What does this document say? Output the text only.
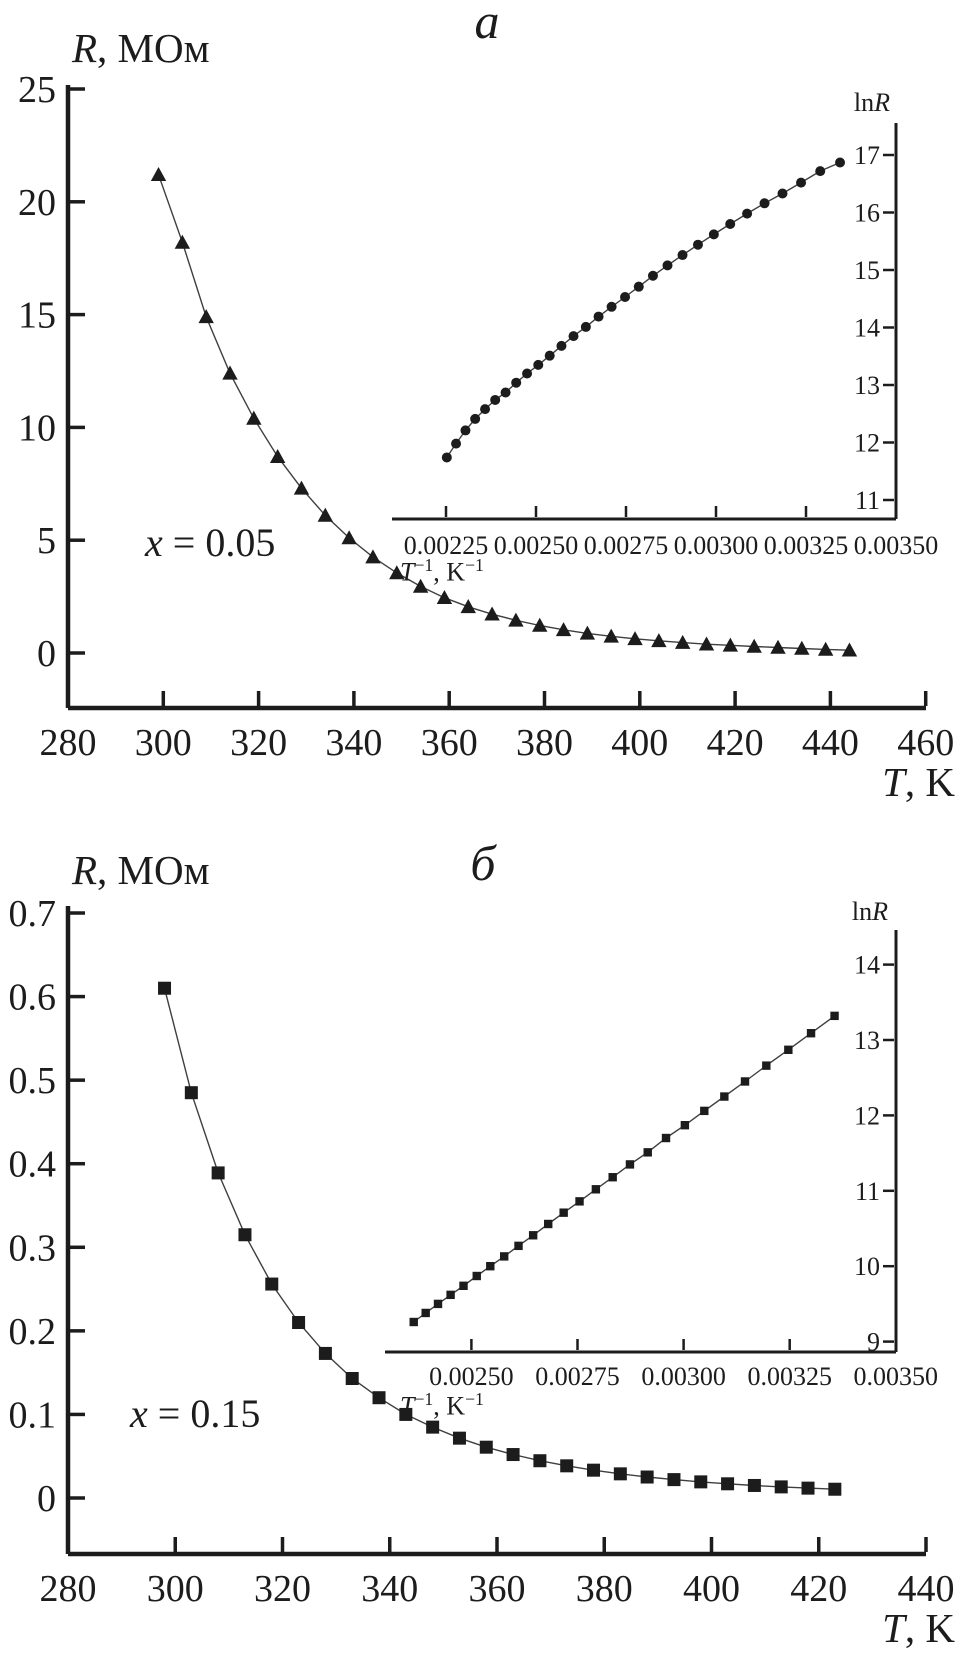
280 300 320 340 360 380 400 420 440 460
25
20
15
10
5
0
0.00225 0.00250 0.00275 0.00300 0.00325 0.00350
17
16
15
14
13
12
11
280 300 320 340 360 380 400 420 440
0.7
0.6
0.5
0.4
0.3
0.2
0.1
0
0.00250 0.00275 0.00300 0.00325 0.00350
14
13
12
11
10
9
a
R, МОм
x = 0.05
T, K
lnR
$T^{-1}$, $K^{-1}$
б
R, МОм
x = 0.15
T, K
lnR
$T^{-1}$, $K^{-1}$
